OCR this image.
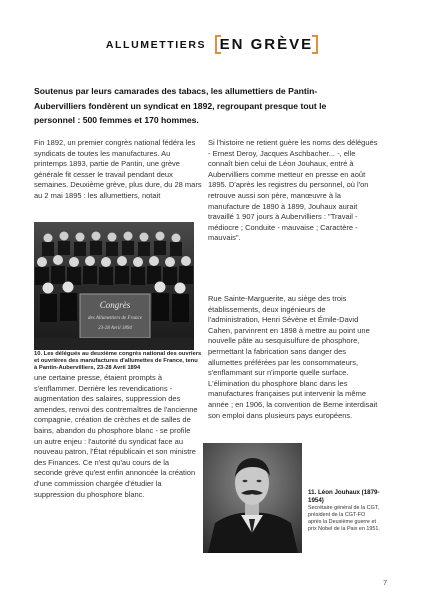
ALLUMETTIERS EN GRÈVE
Soutenus par leurs camarades des tabacs, les allumettiers de Pantin-Aubervilliers fondèrent un syndicat en 1892, regroupant presque tout le personnel : 500 femmes et 170 hommes.

Fin 1892, un premier congrès national fédéra les syndicats de toutes les manufactures. Au printemps 1893, partie de Pantin, une grève générale fit cesser le travail pendant deux semaines. Deuxième grève, plus dure, du 28 mars au 2 mai 1895 : les allumettiers, notait

Congrès
des Allumettiers de France
23-28 Avril 1894
10. Les délégués au deuxième congrès national des ouvriers et ouvrières des manufactures d'allumettes de France, tenu à Pantin-Aubervilliers, 23-28 Avril 1894

une certaine presse, étaient prompts à s'enflammer. Derrière les revendications - augmentation des salaires, suppression des amendes, renvoi des contremaîtres de l'ancienne compagnie, création de crèches et de salles de bains, abandon du phosphore blanc - se profile un autre enjeu : l'autorité du syndicat face au nouveau patron, l'État républicain et son ministre des Finances. Ce n'est qu'au cours de la seconde grève qu'est enfin annoncée la création d'une commission chargée d'étudier la suppression du phosphore blanc.

Si l'histoire ne retient guère les noms des délégués - Ernest Deroy, Jacques Aschbacher... -, elle connaît bien celui de Léon Jouhaux, entré à Aubervilliers comme metteur en presse en août 1895. D'après les registres du personnel, où l'on retrouve aussi son père, manœuvre à la manufacture de 1890 à 1899, Jouhaux aurait travaillé 1 907 jours à Aubervilliers : "Travail - médiocre ; Conduite - mauvaise ; Caractère - mauvais".

Rue Sainte-Marguerite, au siège des trois établissements, deux ingénieurs de l'administration, Henri Sévène et Émile-David Cahen, parvinrent en 1898 à mettre au point une nouvelle pâte au sesquisulfure de phosphore, permettant la fabrication sans danger des allumettes préférées par les consommateurs, s'enflammant sur n'importe quelle surface. L'élimination du phosphore blanc dans les manufactures françaises put intervenir la même année ; en 1906, la convention de Berne interdisait son emploi dans plusieurs pays européens.

11. Léon Jouhaux (1879-1954)
Secrétaire général de la CGT, président de la CGT-FO après la Deuxième guerre et prix Nobel de la Paix en 1951.
7
